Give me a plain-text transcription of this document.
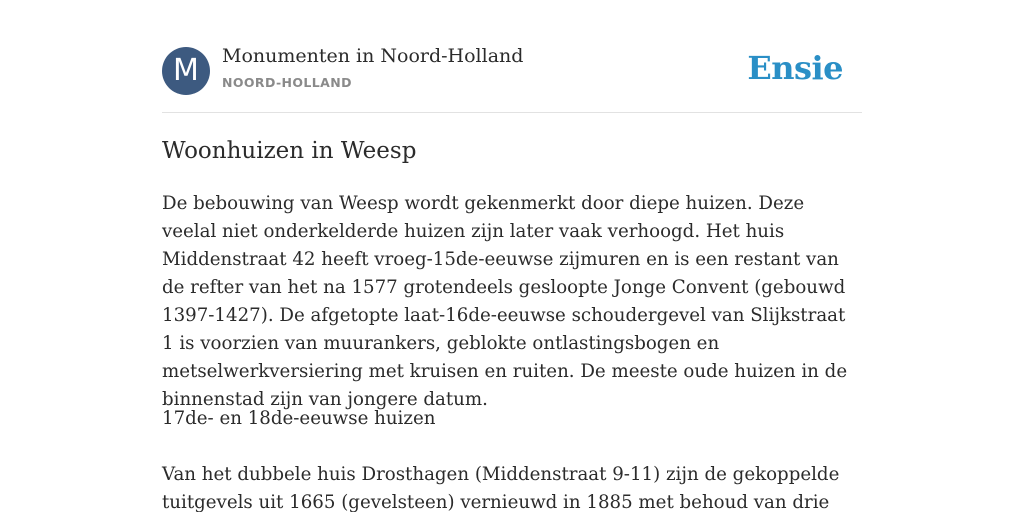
M	Monumenten in Noord-Holland
NOORD-HOLLAND	Ensie
Woonhuizen in Weesp

De bebouwing van Weesp wordt gekenmerkt door diepe huizen. Deze veelal niet onderkelderde huizen zijn later vaak verhoogd. Het huis Middenstraat 42 heeft vroeg-15de-eeuwse zijmuren en is een restant van de refter van het na 1577 grotendeels gesloopte Jonge Convent (gebouwd 1397-1427). De afgetopte laat-16de-eeuwse schoudergevel van Slijkstraat 1 is voorzien van muurankers, geblokte ontlastingsbogen en metselwerkversiering met kruisen en ruiten. De meeste oude huizen in de binnenstad zijn van jongere datum.

17de- en 18de-eeuwse huizen

Van het dubbele huis Drosthagen (Middenstraat 9-11) zijn de gekoppelde tuitgevels uit 1665 (gevelsteen) vernieuwd in 1885 met behoud van drie
